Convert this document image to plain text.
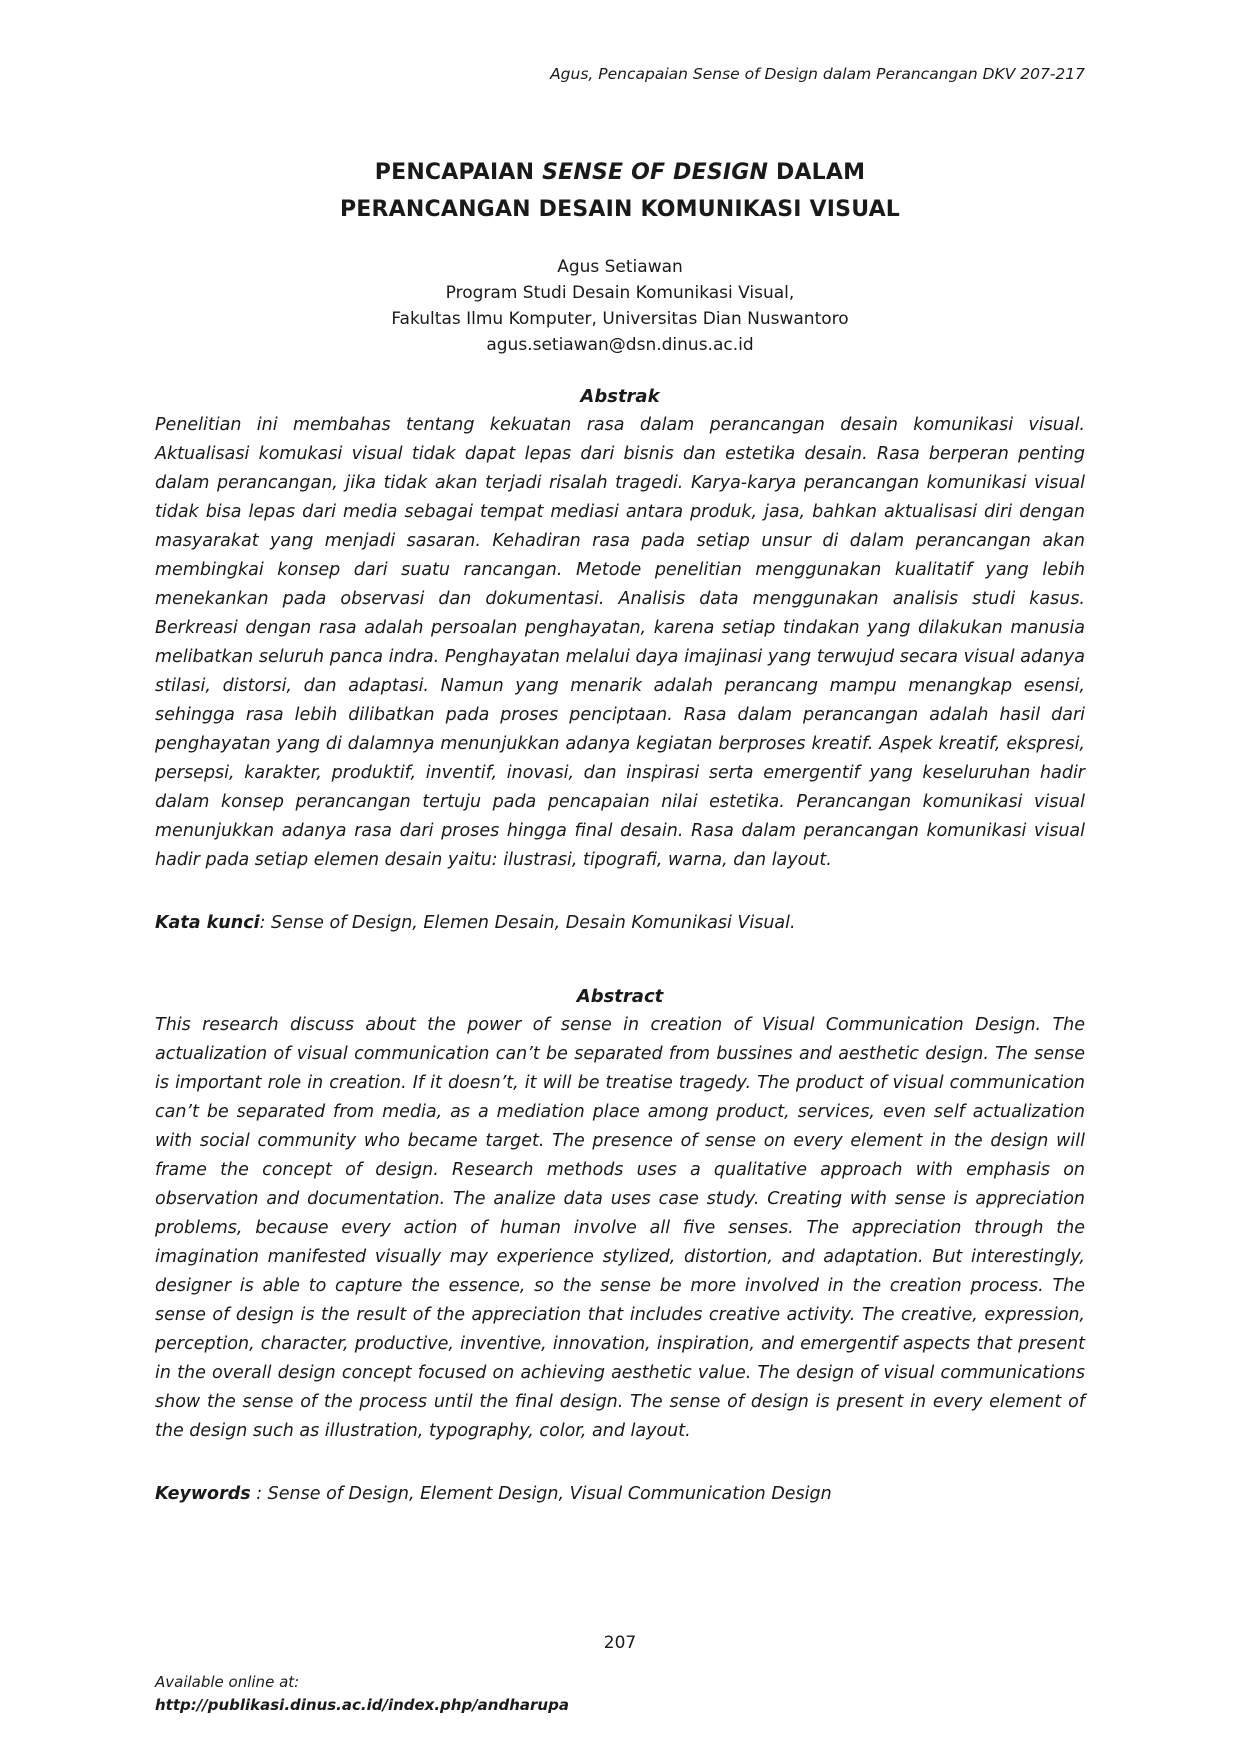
Agus, Pencapaian Sense of Design dalam Perancangan DKV 207-217
PENCAPAIAN SENSE OF DESIGN DALAM
PERANCANGAN DESAIN KOMUNIKASI VISUAL
Agus Setiawan
Program Studi Desain Komunikasi Visual,
Fakultas Ilmu Komputer, Universitas Dian Nuswantoro
agus.setiawan@dsn.dinus.ac.id
Abstrak

Penelitian ini membahas tentang kekuatan rasa dalam perancangan desain komunikasi visual. Aktualisasi komukasi visual tidak dapat lepas dari bisnis dan estetika desain. Rasa berperan penting dalam perancangan, jika tidak akan terjadi risalah tragedi. Karya-karya perancangan komunikasi visual tidak bisa lepas dari media sebagai tempat mediasi antara produk, jasa, bahkan aktualisasi diri dengan masyarakat yang menjadi sasaran. Kehadiran rasa pada setiap unsur di dalam perancangan akan membingkai konsep dari suatu rancangan. Metode penelitian menggunakan kualitatif yang lebih menekankan pada observasi dan dokumentasi. Analisis data menggunakan analisis studi kasus. Berkreasi dengan rasa adalah persoalan penghayatan, karena setiap tindakan yang dilakukan manusia melibatkan seluruh panca indra. Penghayatan melalui daya imajinasi yang terwujud secara visual adanya stilasi, distorsi, dan adaptasi. Namun yang menarik adalah perancang mampu menangkap esensi, sehingga rasa lebih dilibatkan pada proses penciptaan. Rasa dalam perancangan adalah hasil dari penghayatan yang di dalamnya menunjukkan adanya kegiatan berproses kreatif. Aspek kreatif, ekspresi, persepsi, karakter, produktif, inventif, inovasi, dan inspirasi serta emergentif yang keseluruhan hadir dalam konsep perancangan tertuju pada pencapaian nilai estetika. Perancangan komunikasi visual menunjukkan adanya rasa dari proses hingga final desain. Rasa dalam perancangan komunikasi visual hadir pada setiap elemen desain yaitu: ilustrasi, tipografi, warna, dan layout.

Kata kunci: Sense of Design, Elemen Desain, Desain Komunikasi Visual.
Abstract

This research discuss about the power of sense in creation of Visual Communication Design. The actualization of visual communication can’t be separated from bussines and aesthetic design. The sense is important role in creation. If it doesn’t, it will be treatise tragedy. The product of visual communication can’t be separated from media, as a mediation place among product, services, even self actualization with social community who became target. The presence of sense on every element in the design will frame the concept of design. Research methods uses a qualitative approach with emphasis on observation and documentation. The analize data uses case study. Creating with sense is appreciation problems, because every action of human involve all five senses. The appreciation through the imagination manifested visually may experience stylized, distortion, and adaptation. But interestingly, designer is able to capture the essence, so the sense be more involved in the creation process. The sense of design is the result of the appreciation that includes creative activity. The creative, expression, perception, character, productive, inventive, innovation, inspiration, and emergentif aspects that present in the overall design concept focused on achieving aesthetic value. The design of visual communications show the sense of the process until the final design. The sense of design is present in every element of the design such as illustration, typography, color, and layout.

Keywords : Sense of Design, Element Design, Visual Communication Design
207
Available online at:
http://publikasi.dinus.ac.id/index.php/andharupa
